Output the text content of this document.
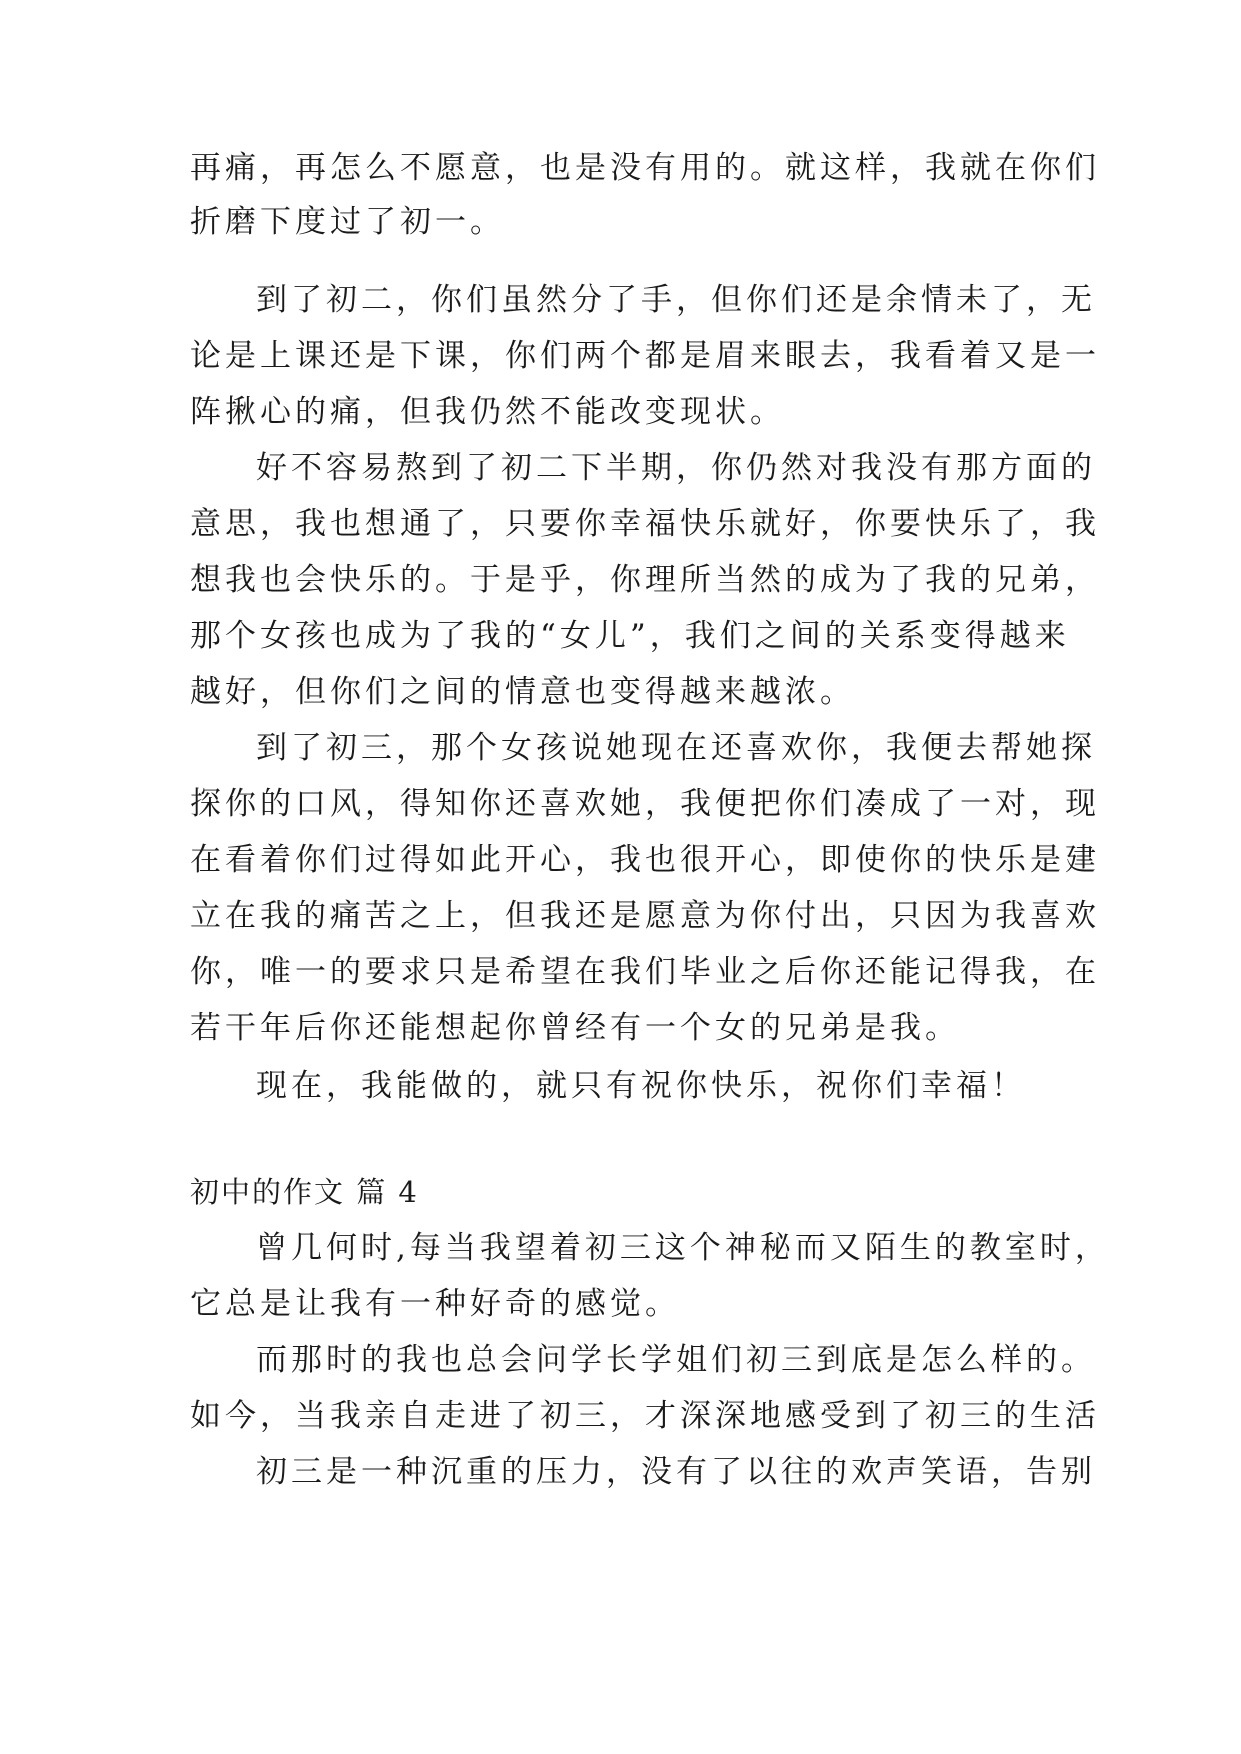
再痛，再怎么不愿意，也是没有用的。就这样，我就在你们
折磨下度过了初一。
到了初二，你们虽然分了手，但你们还是余情未了，无
论是上课还是下课，你们两个都是眉来眼去，我看着又是一
阵揪心的痛，但我仍然不能改变现状。
好不容易熬到了初二下半期，你仍然对我没有那方面的
意思，我也想通了，只要你幸福快乐就好，你要快乐了，我
想我也会快乐的。于是乎，你理所当然的成为了我的兄弟，
那个女孩也成为了我的“女儿”，我们之间的关系变得越来
越好，但你们之间的情意也变得越来越浓。
到了初三，那个女孩说她现在还喜欢你，我便去帮她探
探你的口风，得知你还喜欢她，我便把你们凑成了一对，现
在看着你们过得如此开心，我也很开心，即使你的快乐是建
立在我的痛苦之上，但我还是愿意为你付出，只因为我喜欢
你，唯一的要求只是希望在我们毕业之后你还能记得我，在
若干年后你还能想起你曾经有一个女的兄弟是我。
现在，我能做的，就只有祝你快乐，祝你们幸福！
初中的作文 篇 4
曾几何时,每当我望着初三这个神秘而又陌生的教室时，
它总是让我有一种好奇的感觉。
而那时的我也总会问学长学姐们初三到底是怎么样的。
如今，当我亲自走进了初三，才深深地感受到了初三的生活
初三是一种沉重的压力，没有了以往的欢声笑语，告别
